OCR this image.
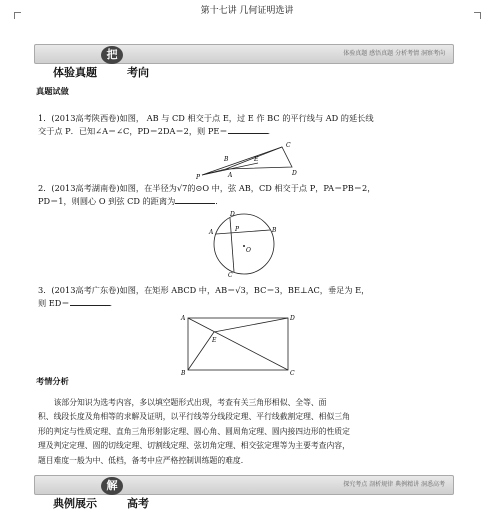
第十七讲 几何证明选讲
体验真题把 脉 考向
体验真题 感悟真题 分析考情 洞察考向
真题试做
1．(2013高考陕西卷)如图， AB 与 CD 相交于点 E，过 E 作 BC 的平行线与 AD 的延长线
交于点 P．已知∠A＝∠C，PD＝2DA＝2，则 PE＝	．
C
B
A
P
E
D
2．(2013高考湖南卷)如图，在半径为√7的⊙O 中，弦 AB，CD 相交于点 P，PA＝PB＝2，
PD＝1，则圆心 O 到弦 CD 的距离为	．
D
A	P	B
C
O
3．(2013高考广东卷)如图，在矩形 ABCD 中，AB＝√3，BC＝3，BE⊥AC，垂足为 E，
则 ED＝	．
A	D
E
B	C
考情分析
该部分知识为选考内容，多以填空题形式出现，考查有关三角形相似、全等、面
积、线段长度及角相等的求解及证明，以平行线等分线段定理、平行线截割定理、相似三角
形的判定与性质定理、直角三角形射影定理、圆心角、圆周角定理、圆内接四边形的性质定
理及判定定理、圆的切线定理、切割线定理、弦切角定理、相交弦定理等为主要考查内容，
题目难度一般为中、低档，备考中应严格控制训练题的难度．
典例展示解 密 高考
探究考点 剖析规律 典例精讲 洞悉高考
